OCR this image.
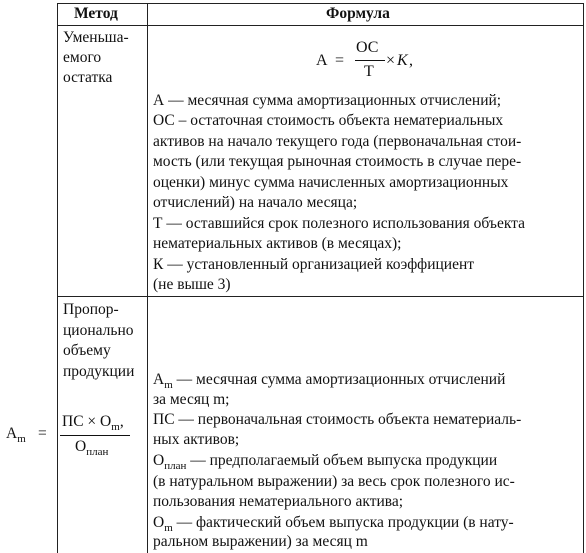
Метод	Формула
Уменьша-
емого
остатка
A =
ОС
T
× К ,
А — месячная сумма амортизационных отчислений;
ОС – остаточная стоимость объекта нематериальных
активов на начало текущего года (первоначальная стои-
мость (или текущая рыночная стоимость в случае пере-
оценки) минус сумма начисленных амортизационных
отчислений) на начало месяца;
Т — оставшийся срок полезного использования объекта
нематериальных активов (в месяцах);
К — установленный организацией коэффициент
(не выше 3)
Пропор-
ционально
объему
продукции
$A_m$ =
ПС × $O_m$,
$O_{план}$
$A_m$ — месячная сумма амортизационных отчислений
за месяц m;
ПС — первоначальная стоимость объекта нематериаль-
ных активов;
$O_{план}$ — предполагаемый объем выпуска продукции
(в натуральном выражении) за весь срок полезного ис-
пользования нематериального актива;
$O_m$ — фактический объем выпуска продукции (в нату-
ральном выражении) за месяц m
